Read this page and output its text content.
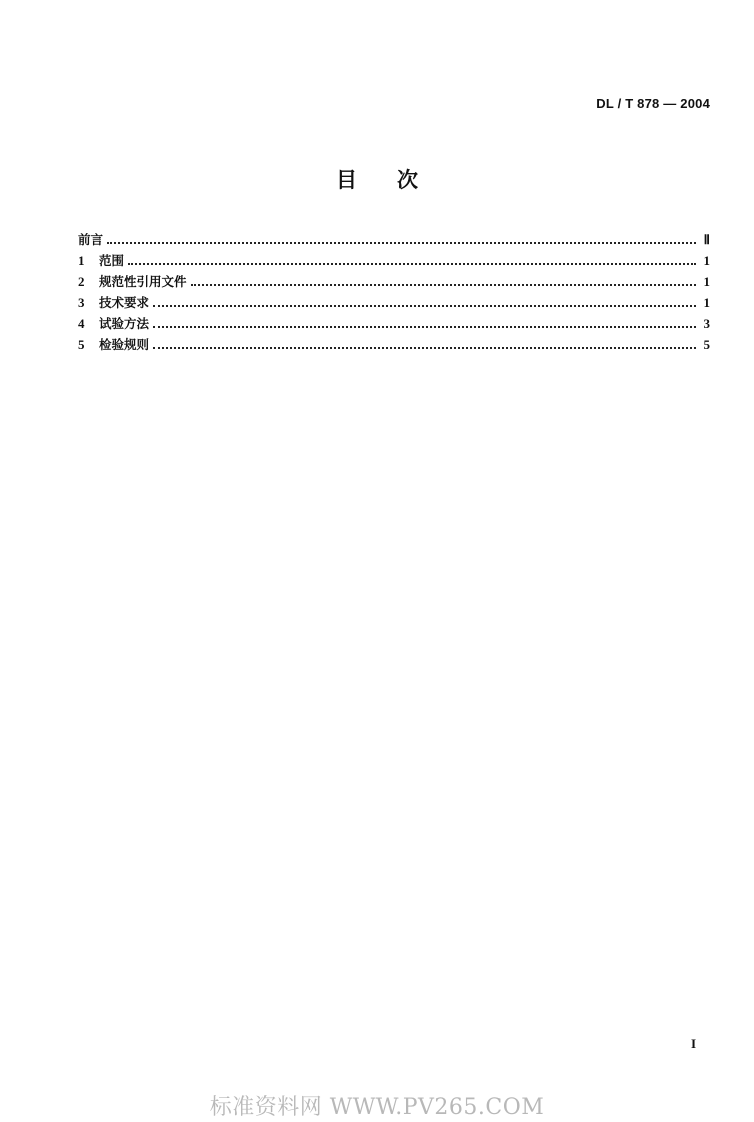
DL / T 878 — 2004
目 次
前言	Ⅱ
1	范围	1
2	规范性引用文件	1
3	技术要求	1
4	试验方法	3
5	检验规则	5
I
标准资料网 WWW.PV265.COM
